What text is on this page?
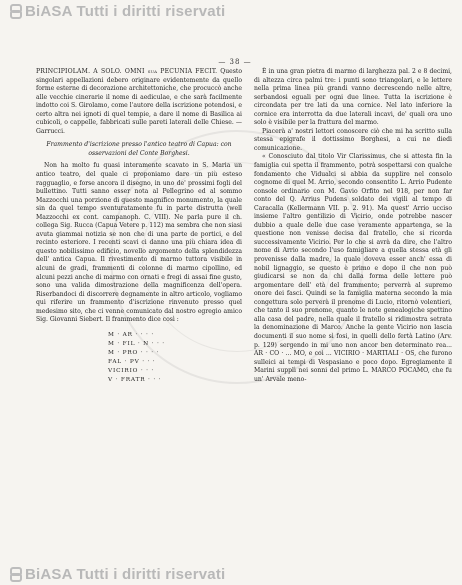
BiASA Tutti i diritti riservati
— 38 —

PRINCIPIOLAM. A SOLO. OMNI sua PECUNIA FECIT. Questo singolari appellazioni debero originare evidentemente da quello forme esterne di decorazione architettoniche, che procuccò anche alle vecchie cinerarie il nome di aediculae, e che sarà facilmente indotto coi S. Girolamo, come l'autore della iscrizione potendosi, e certo altra nei ignoti di quel tempie, a dare il nome di Basilica ai cubicoli, o cappelle, fabbricati sulle pareti laterali delle Chiese. — Garrucci.

Frammento d'iscrizione presso l'antico teatro di Capua: con osservazioni del Conte Borghesi.

Non ha molto fu quasi interamente scavato in S. Maria un antico teatro, del quale ci proponiamo dare un più esteso ragguaglio, e forse ancora il disegno, in uno de' prossimi fogli del bullettino. Tutti sanno esser nota al Pellegrino ed al sommo Mazzocchi una porzione di questo magnifico monumento, la quale sin da quel tempo sventuratamente fu in parte distrutta (well Mazzocchi ex cont. campanoph. C. VIII). Ne parla pure il ch. collega Sig. Rucca (Capua Vetere p. 112) ma sembra che non siasi avuta giammai notizia se non che di una parte de portici, e del recinto esteriore. I recenti scavi ci danno una più chiara idea di questo nobilissimo edificio, novello argomento della splendidezza dell' antica Capua. Il rivestimento di marmo tuttora visibile in alcuni de gradi, frammenti di colonne di marmo cipollino, ed alcuni pezzi anche di marmo con ornati e fregi di assai fine gusto, sono una valida dimostrazione della magnificenza dell'opera. Riserbandoci di discorrere degnamente in altro articolo, vogliamo qui riferire un frammento d'iscrizione rinvenuto presso quel medesimo sito, che ci venne comunicato dal nostro egregio amico Sig. Giovanni Siebert. Il frammento dice così :

M · AR · · · ·
M · FIL · N · · ·
M · PRO · · · ·
FAL · PV · · ·
VICIRIO · · ·
V · FRATR · · ·

È in una gran pietra di marmo di larghezza pal. 2 e 8 decimi, di altezza circa palmi tre: i punti sono triangolari, e le lettere nella prima linea più grandi vanno decrescendo nelle altre, serbandosi eguali per ogni due linee. Tutta la iscrizione è circondata per tre lati da una cornice. Nel lato inferiore la cornice era interrotta da due laterali incavi, de' quali ora uno solo è visibile per la frattura del marmo.

Piacerà a' nostri lettori conoscere ciò che mi ha scritto sulla stessa epigrafe il dottissimo Borghesi, a cui ne diedi comunicazione.

« Conosciuto dal titolo Vir Clarissimus, che si attesta fin la famiglia cui spetta il frammento, potrà sospettarsi con qualche fondamento che Vidualci si abbia da supplire nel consolo cognome di quel M. Arrio, secondo consentito L. Arrio Pudente console ordinario con M. Gavio Orfito nel 918, per non far conto del Q. Arrius Pudens soldato dei vigili al tempo di Caracalla (Kellermann VII. p. 2. 91). Ma quest' Arrio ucciso insieme l'altro gentilizio di Vicirio, onde potrebbe nascer dubbio a quale delle due case veramente appartenga, se la questione non venisse decisa dal fratello, che si ricorda successivamente Vicirio. Per lo che si avrà da dire, che l'altro nome di Arrio secondo l'uso famigliare a quella stessa età gli provenisse dalla madre, la quale doveva esser anch' essa di nobil lignaggio, se questo è primo e dopo il che non può giudicarsi se non da chi dalla forma delle lettere può argomentare dell' età del frammento; perverrà al supremo onore dei fasci. Quindi se la famiglia materna secondo la mia congettura solo perverà il prenome di Lucio, ritornò volentieri, che tanto il suo prenome, quanto le note genealogiche spettino alla casa del padre, nella quale il fratello si ridimostra setrata la denominazione di Marco. Anche la gente Vicirio non lascia documenti il suo nome sì fosi, in quelli dello fertà Latino (Arv. p. 129) sergendo in mi uno non ancor ben determinato rea... AR · CO · ... MO, e coi ... VICIRIO · MARTIALI · OS, che furono sulleici ai tempi di Vespasiano e poco dopo. Egregiamente il Marini supplì nei sonni del primo L. MARCO POCAMO, che fu un' Arvale meno-

BiASA Tutti i diritti riservati
